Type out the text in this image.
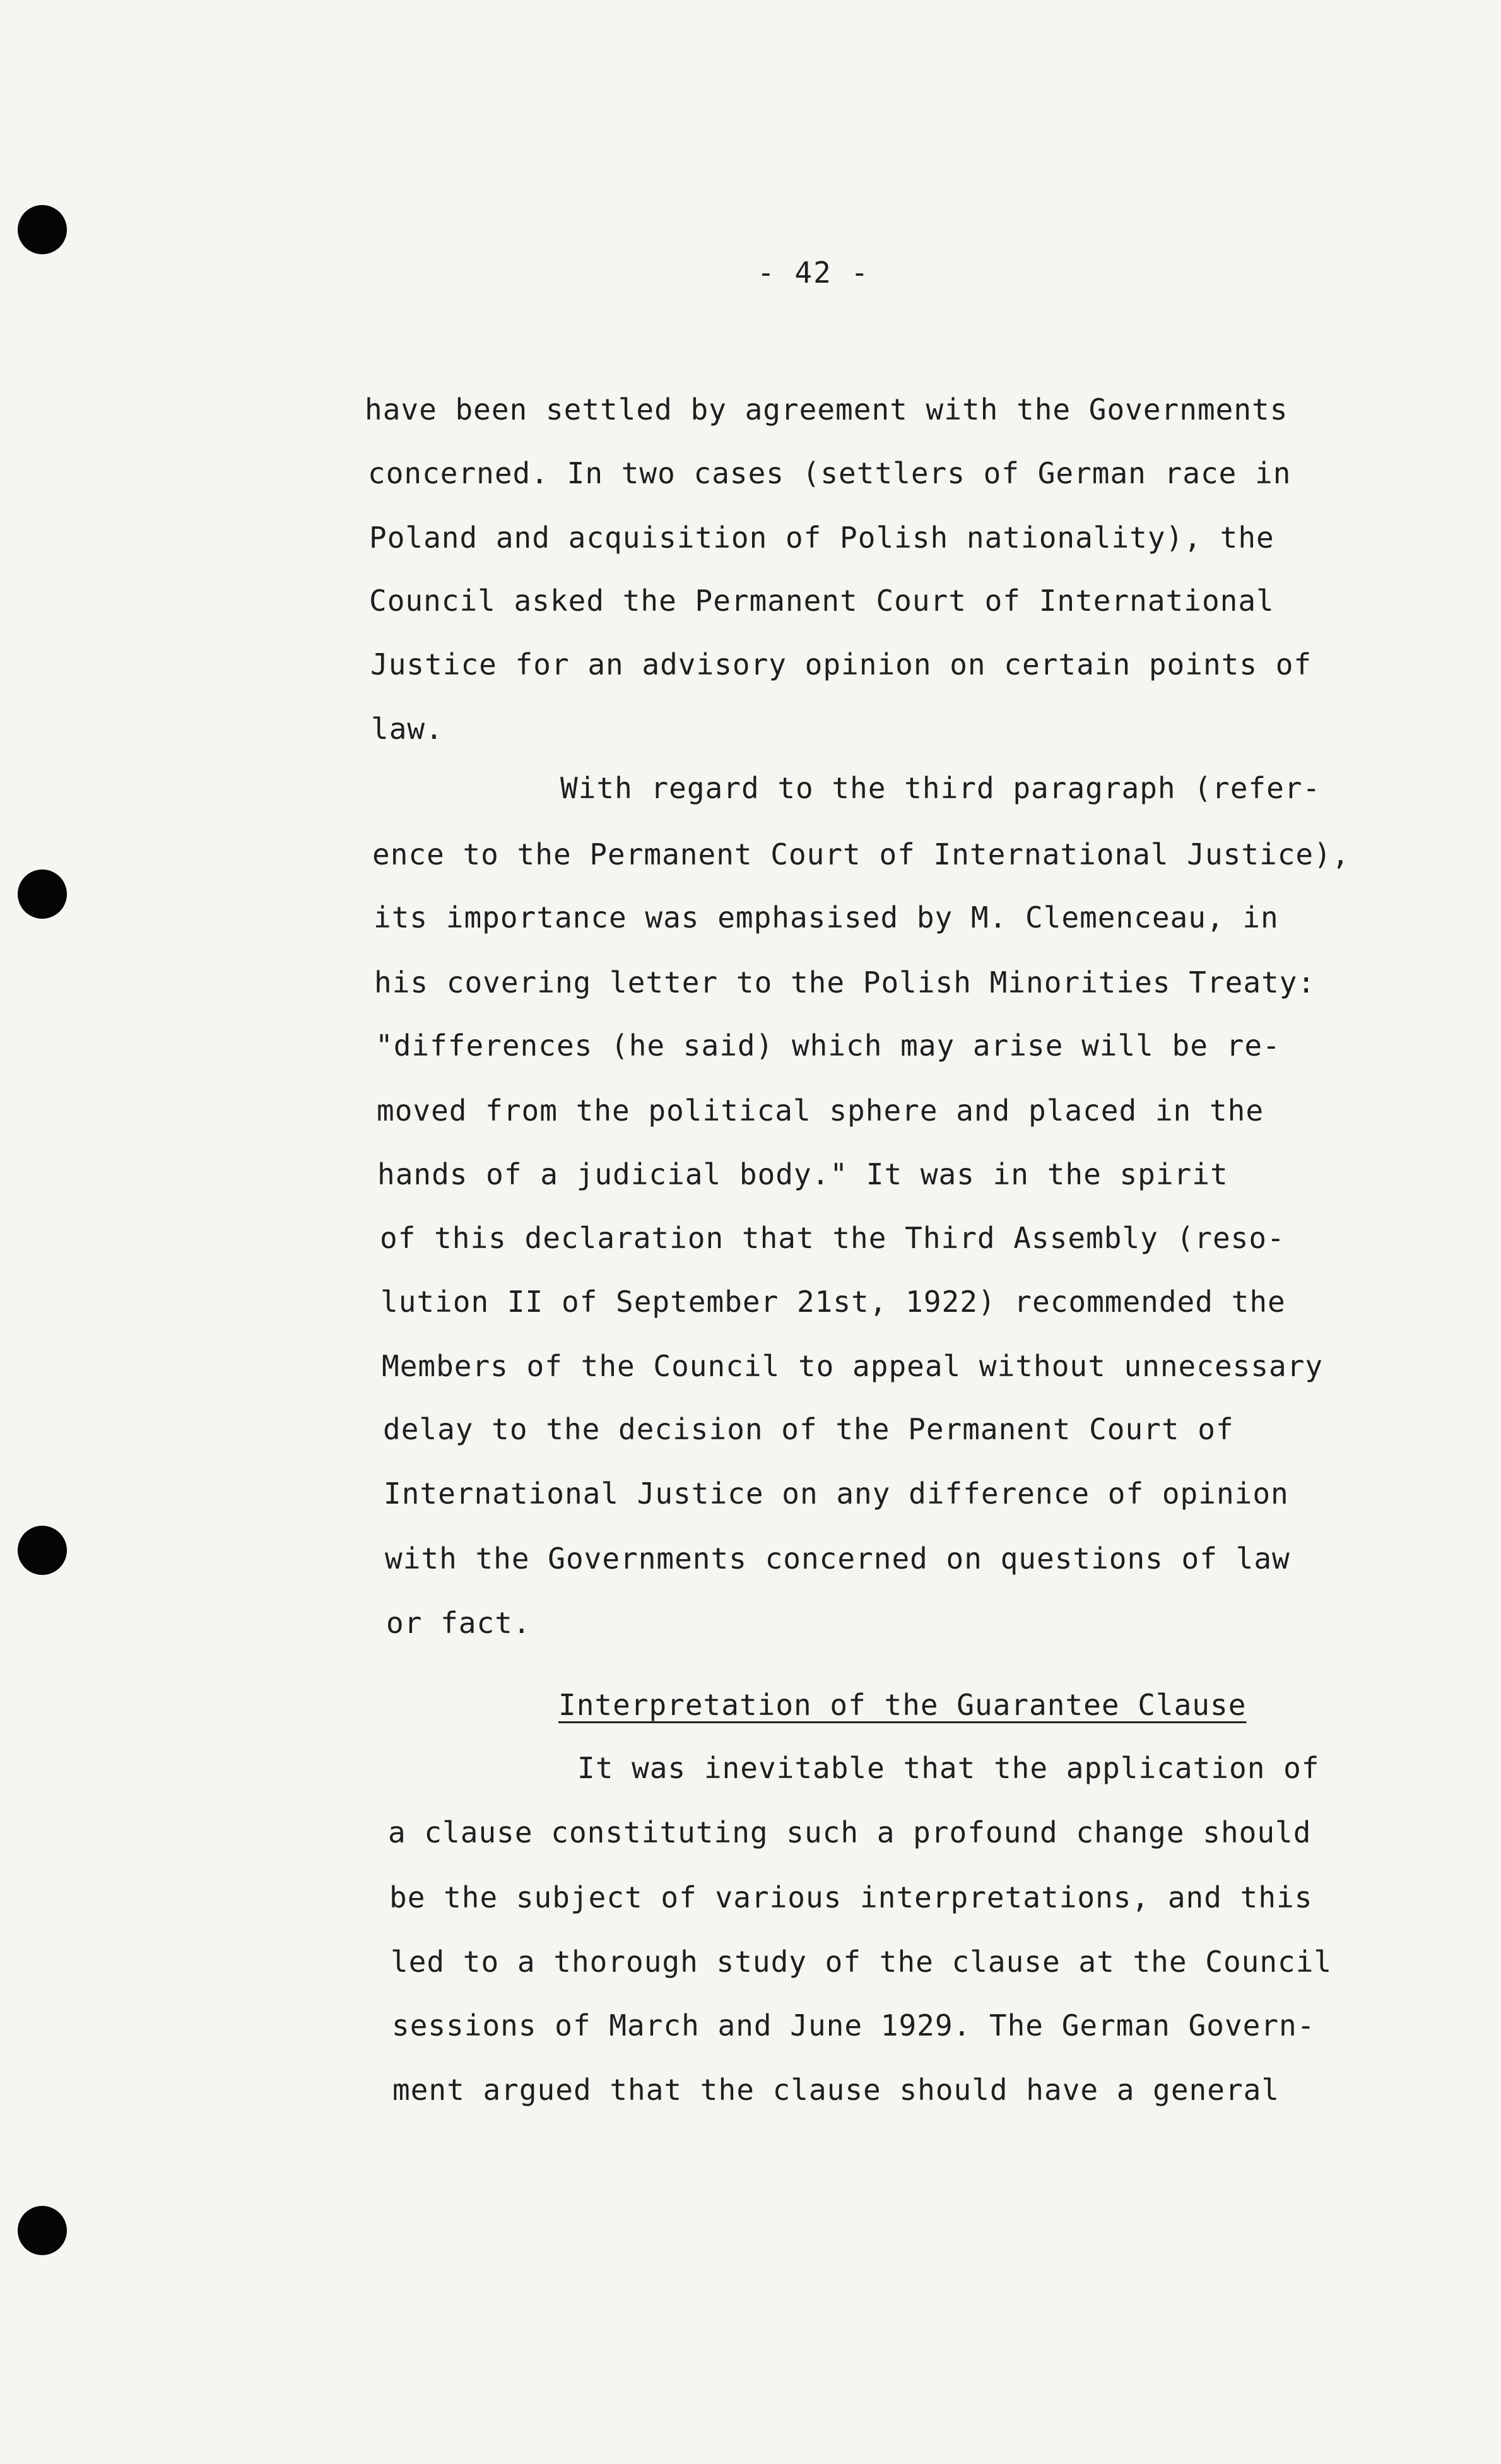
- 42 -
have been settled by agreement with the Governments
concerned. In two cases (settlers of German race in
Poland and acquisition of Polish nationality), the
Council asked the Permanent Court of International
Justice for an advisory opinion on certain points of
law.
With regard to the third paragraph (refer-
ence to the Permanent Court of International Justice),
its importance was emphasised by M. Clemenceau, in
his covering letter to the Polish Minorities Treaty:
"differences (he said) which may arise will be re-
moved from the political sphere and placed in the
hands of a judicial body." It was in the spirit
of this declaration that the Third Assembly (reso-
lution II of September 21st, 1922) recommended the
Members of the Council to appeal without unnecessary
delay to the decision of the Permanent Court of
International Justice on any difference of opinion
with the Governments concerned on questions of law
or fact.
Interpretation of the Guarantee Clause
It was inevitable that the application of
a clause constituting such a profound change should
be the subject of various interpretations, and this
led to a thorough study of the clause at the Council
sessions of March and June 1929. The German Govern-
ment argued that the clause should have a general
